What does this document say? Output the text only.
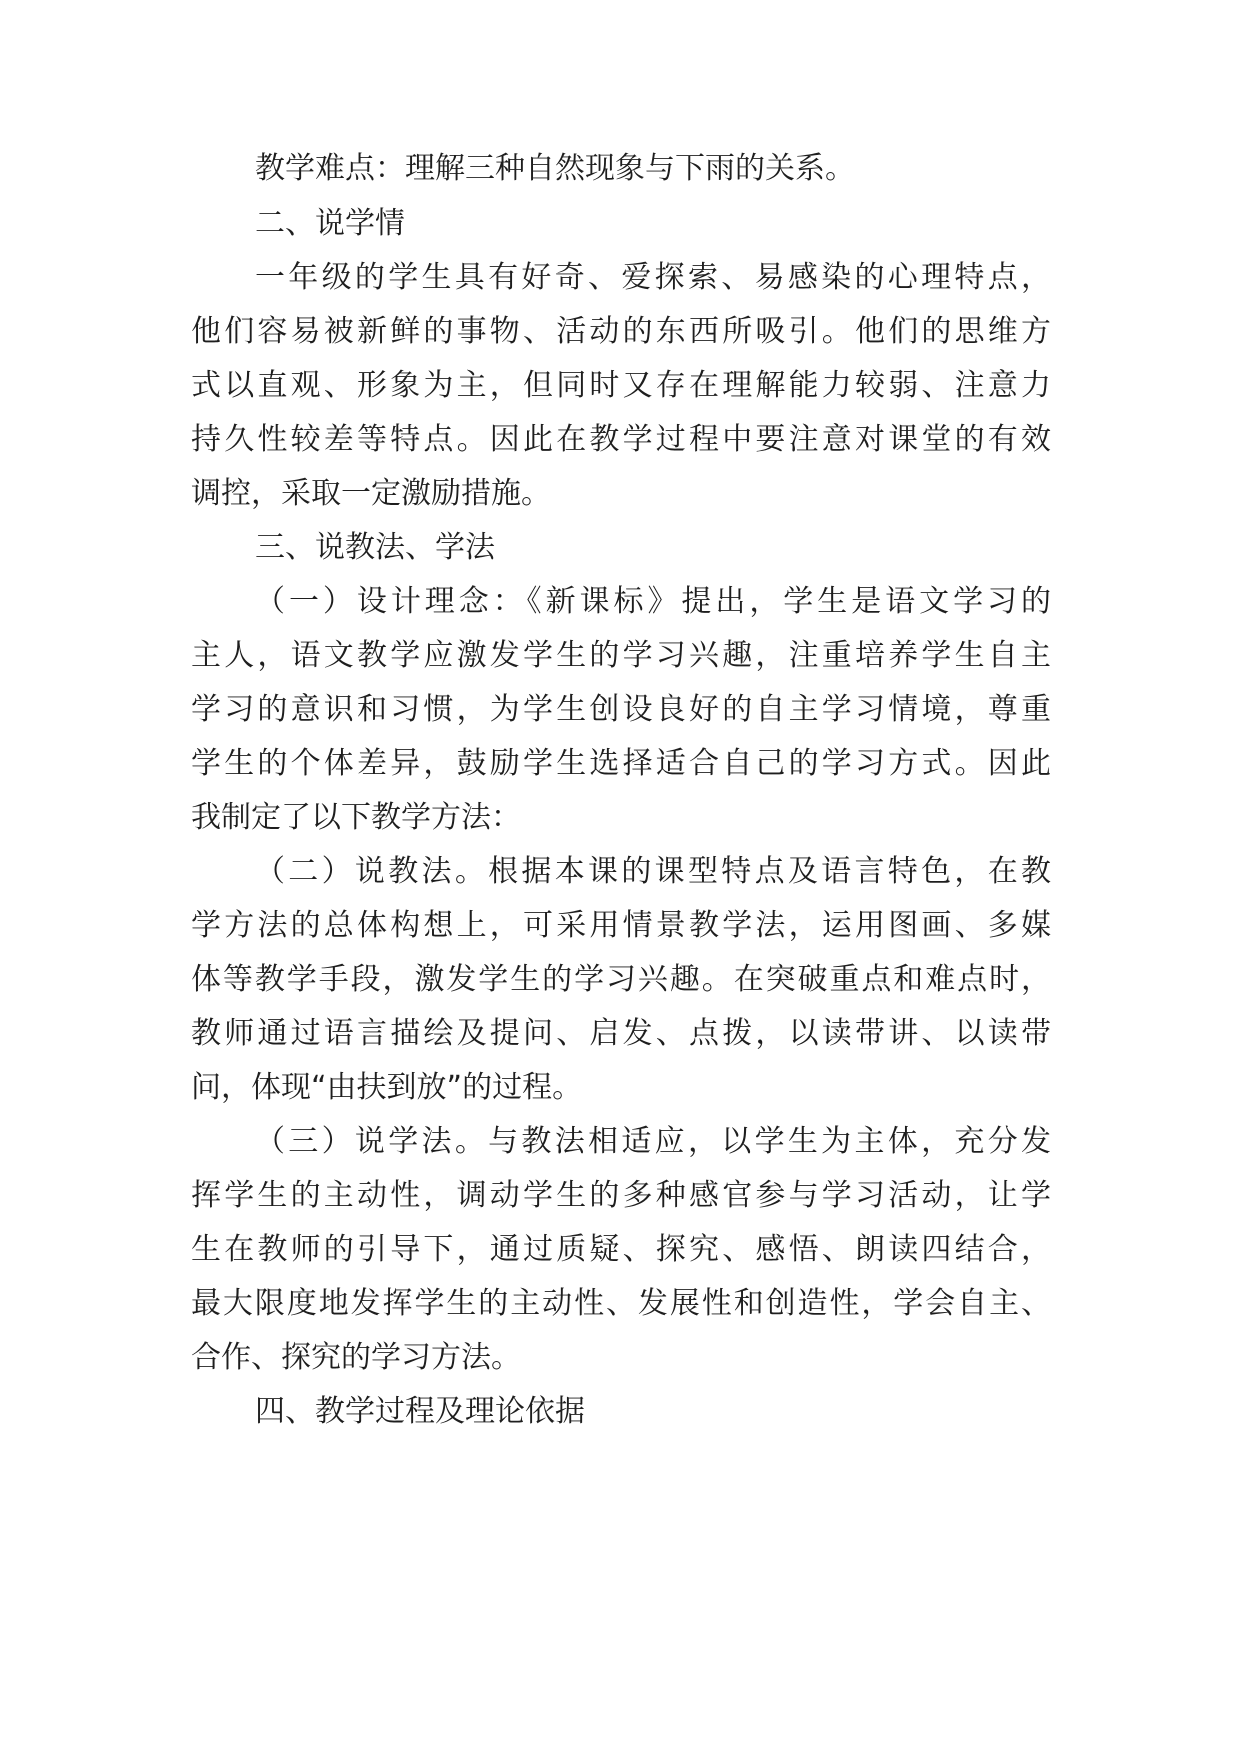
教学难点：理解三种自然现象与下雨的关系。

二、说学情

一年级的学生具有好奇、爱探索、易感染的心理特点，

他们容易被新鲜的事物、活动的东西所吸引。他们的思维方

式以直观、形象为主，但同时又存在理解能力较弱、注意力

持久性较差等特点。因此在教学过程中要注意对课堂的有效

调控，采取一定激励措施。

三、说教法、学法

（一）设计理念：《新课标》提出，学生是语文学习的

主人，语文教学应激发学生的学习兴趣，注重培养学生自主

学习的意识和习惯，为学生创设良好的自主学习情境，尊重

学生的个体差异，鼓励学生选择适合自己的学习方式。因此

我制定了以下教学方法：

（二）说教法。根据本课的课型特点及语言特色，在教

学方法的总体构想上，可采用情景教学法，运用图画、多媒

体等教学手段，激发学生的学习兴趣。在突破重点和难点时，

教师通过语言描绘及提问、启发、点拨，以读带讲、以读带

问，体现“由扶到放”的过程。

（三）说学法。与教法相适应，以学生为主体，充分发

挥学生的主动性，调动学生的多种感官参与学习活动，让学

生在教师的引导下，通过质疑、探究、感悟、朗读四结合，

最大限度地发挥学生的主动性、发展性和创造性，学会自主、

合作、探究的学习方法。

四、教学过程及理论依据
